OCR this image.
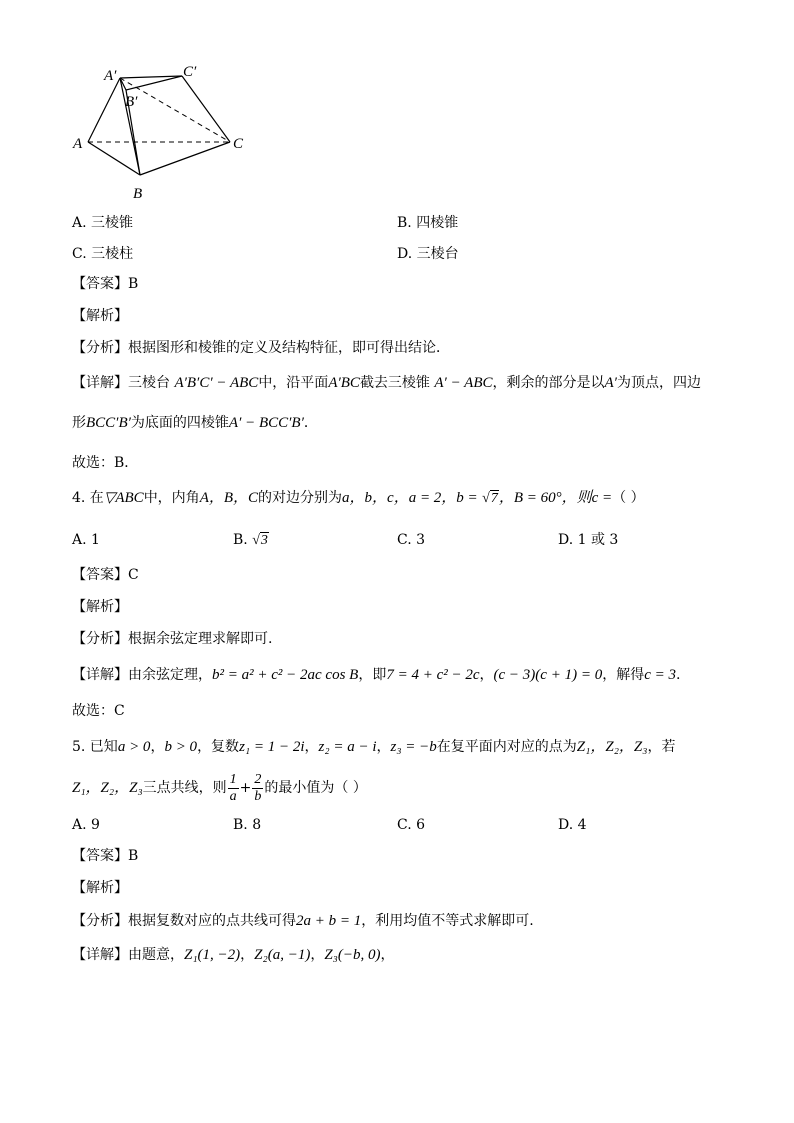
A′	C′
B′
A	C
B
A. 三棱锥	B. 四棱锥
C. 三棱柱	D. 三棱台
【答案】B
【解析】
【分析】根据图形和棱锥的定义及结构特征，即可得出结论．
【详解】三棱台 A′B′C′ − ABC中，沿平面A′BC截去三棱锥 A′ − ABC，剩余的部分是以A′为顶点，四边
形BCC′B′为底面的四棱锥A′ − BCC′B′．
故选：B．
4. 在▽ABC中，内角A，B，C的对边分别为a，b，c，a = 2，b = √7，B = 60°，则c =（ ）
A. 1	B. √3	C. 3	D. 1 或 3
【答案】C
【解析】
【分析】根据余弦定理求解即可.
【详解】由余弦定理，b² = a² + c² − 2ac cos B，即7 = 4 + c² − 2c，(c − 3)(c + 1) = 0，解得c = 3.
故选：C
5. 已知a > 0，b > 0，复数z₁ = 1 − 2i，z₂ = a − i，z₃ = −b在复平面内对应的点为Z₁，Z₂，Z₃，若
Z₁，Z₂，Z₃三点共线，则 $\frac{1}{a} + \frac{2}{b}$ 的最小值为（ ）
A. 9	B. 8	C. 6	D. 4
【答案】B
【解析】
【分析】根据复数对应的点共线可得2a + b = 1，利用均值不等式求解即可.
【详解】由题意，Z₁(1, −2)，Z₂(a, −1)，Z₃(−b, 0)，
